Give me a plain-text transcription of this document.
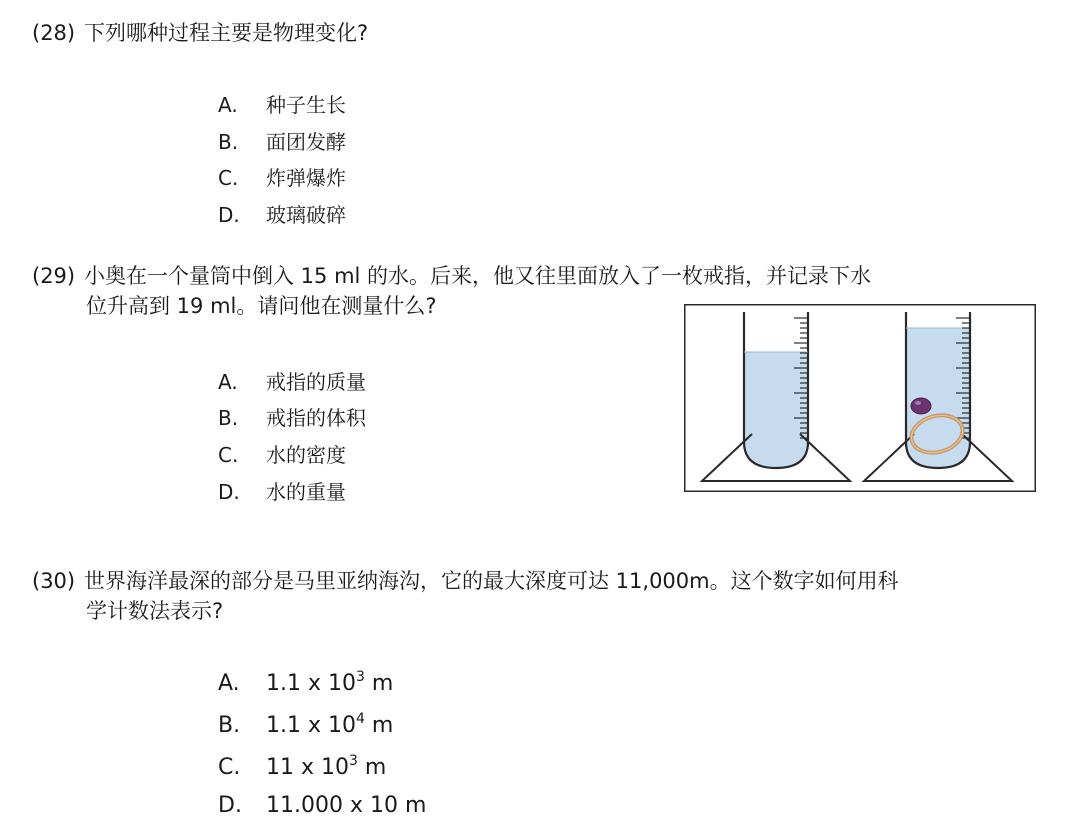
(28) 下列哪种过程主要是物理变化?
A. 种子生长
B. 面团发酵
C. 炸弹爆炸
D. 玻璃破碎
(29) 小奥在一个量筒中倒入 15 ml 的水。后来，他又往里面放入了一枚戒指，并记录下水
位升高到 19 ml。请问他在测量什么?
A. 戒指的质量
B. 戒指的体积
C. 水的密度
D. 水的重量
(30) 世界海洋最深的部分是马里亚纳海沟，它的最大深度可达 11,000m。这个数字如何用科
学计数法表示?
A. 1.1 x $10^3$ m
B. 1.1 x $10^4$ m
C. 11 x $10^3$ m
D. 11.000 x 10 m
